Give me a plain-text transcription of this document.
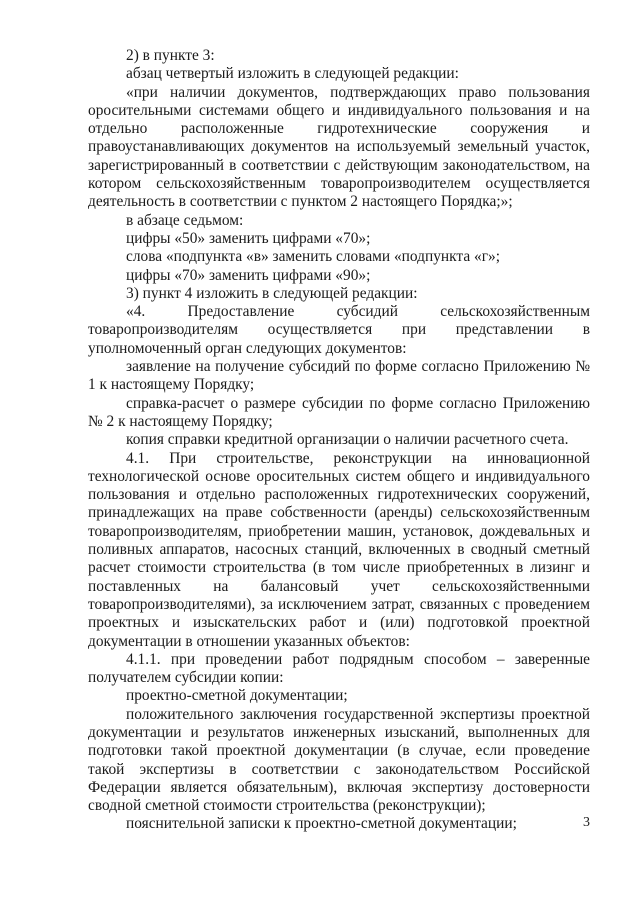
2) в пункте 3:

абзац четвертый изложить в следующей редакции:

«при наличии документов, подтверждающих право пользования оросительными системами общего и индивидуального пользования и на отдельно расположенные гидротехнические сооружения и правоустанавливающих документов на используемый земельный участок, зарегистрированный в соответствии с действующим законодательством, на котором сельскохозяйственным товаропроизводителем осуществляется деятельность в соответствии с пунктом 2 настоящего Порядка;»;

в абзаце седьмом:

цифры «50» заменить цифрами «70»;

слова «подпункта «в» заменить словами «подпункта «г»;

цифры «70» заменить цифрами «90»;

3) пункт 4 изложить в следующей редакции:

«4. Предоставление субсидий сельскохозяйственным товаропроизводителям осуществляется при представлении в уполномоченный орган следующих документов:

заявление на получение субсидий по форме согласно Приложению № 1 к настоящему Порядку;

справка-расчет о размере субсидии по форме согласно Приложению № 2 к настоящему Порядку;

копия справки кредитной организации о наличии расчетного счета.

4.1. При строительстве, реконструкции на инновационной технологической основе оросительных систем общего и индивидуального пользования и отдельно расположенных гидротехнических сооружений, принадлежащих на праве собственности (аренды) сельскохозяйственным товаропроизводителям, приобретении машин, установок, дождевальных и поливных аппаратов, насосных станций, включенных в сводный сметный расчет стоимости строительства (в том числе приобретенных в лизинг и поставленных на балансовый учет сельскохозяйственными товаропроизводителями), за исключением затрат, связанных с проведением проектных и изыскательских работ и (или) подготовкой проектной документации в отношении указанных объектов:

4.1.1. при проведении работ подрядным способом – заверенные получателем субсидии копии:

проектно-сметной документации;

положительного заключения государственной экспертизы проектной документации и результатов инженерных изысканий, выполненных для подготовки такой проектной документации (в случае, если проведение такой экспертизы в соответствии с законодательством Российской Федерации является обязательным), включая экспертизу достоверности сводной сметной стоимости строительства (реконструкции);

пояснительной записки к проектно-сметной документации;	3
